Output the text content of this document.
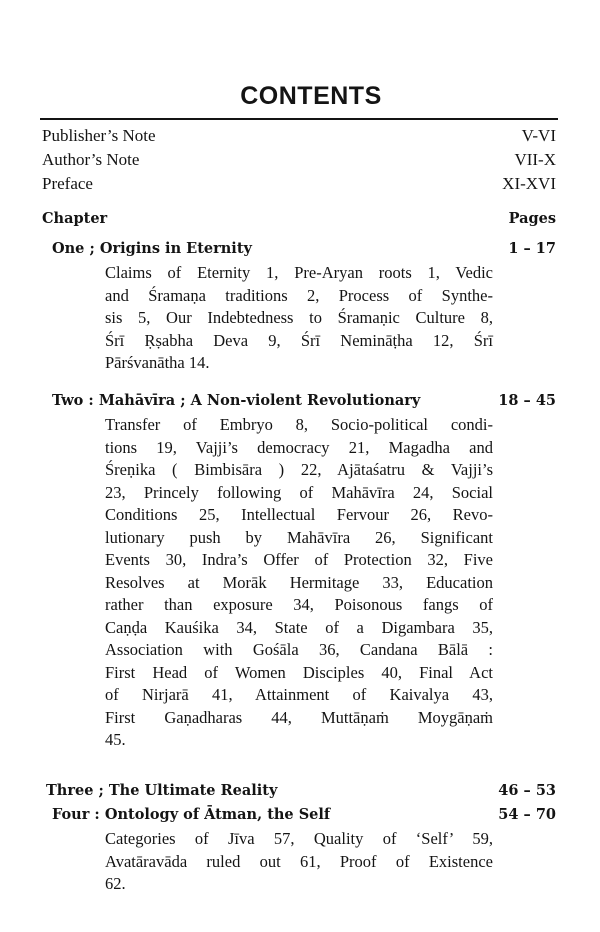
CONTENTS
Publisher’s Note	V-VI
Author’s Note	VII-X
Preface	XI-XVI
Chapter	Pages
One ; Origins in Eternity	1 – 17
Claims of Eternity 1, Pre-Aryan roots 1, Vedic
and Śramaṇa traditions 2, Process of Synthe-
sis 5, Our Indebtedness to Śramaṇic Culture 8,
Śrī Ṛṣabha Deva 9, Śrī Nemināṭha 12, Śrī
Pārśvanātha 14.
Two : Mahāvīra ; A Non-violent Revolutionary	18 – 45
Transfer of Embryo 8, Socio-political condi-
tions 19, Vajji’s democracy 21, Magadha and
Śreṇika ( Bimbisāra ) 22, Ajātaśatru & Vajji’s
23, Princely following of Mahāvīra 24, Social
Conditions 25, Intellectual Fervour 26, Revo-
lutionary push by Mahāvīra 26, Significant
Events 30, Indra’s Offer of Protection 32, Five
Resolves at Morāk Hermitage 33, Education
rather than exposure 34, Poisonous fangs of
Caṇḍa Kauśika 34, State of a Digambara 35,
Association with Gośāla 36, Candana Bālā :
First Head of Women Disciples 40, Final Act
of Nirjarā 41, Attainment of Kaivalya 43,
First Gaṇadharas 44, Muttāṇaṁ Moygāṇaṁ
45.
Three ; The Ultimate Reality	46 – 53
Four : Ontology of Ātman, the Self	54 – 70
Categories of Jīva 57, Quality of ‘Self’ 59,
Avatāravāda ruled out 61, Proof of Existence
62.
